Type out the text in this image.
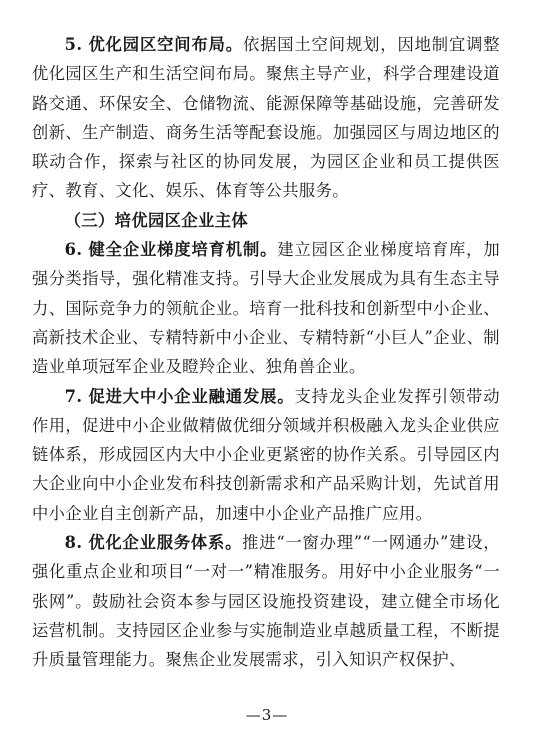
5. 优化园区空间布局。依据国土空间规划，因地制宜调整优化园区生产和生活空间布局。聚焦主导产业，科学合理建设道路交通、环保安全、仓储物流、能源保障等基础设施，完善研发创新、生产制造、商务生活等配套设施。加强园区与周边地区的联动合作，探索与社区的协同发展，为园区企业和员工提供医疗、教育、文化、娱乐、体育等公共服务。

（三）培优园区企业主体

6. 健全企业梯度培育机制。建立园区企业梯度培育库，加强分类指导，强化精准支持。引导大企业发展成为具有生态主导力、国际竞争力的领航企业。培育一批科技和创新型中小企业、高新技术企业、专精特新中小企业、专精特新“小巨人”企业、制造业单项冠军企业及瞪羚企业、独角兽企业。

7. 促进大中小企业融通发展。支持龙头企业发挥引领带动作用，促进中小企业做精做优细分领域并积极融入龙头企业供应链体系，形成园区内大中小企业更紧密的协作关系。引导园区内大企业向中小企业发布科技创新需求和产品采购计划，先试首用中小企业自主创新产品，加速中小企业产品推广应用。

8. 优化企业服务体系。推进“一窗办理”“一网通办”建设，强化重点企业和项目“一对一”精准服务。用好中小企业服务“一张网”。鼓励社会资本参与园区设施投资建设，建立健全市场化运营机制。支持园区企业参与实施制造业卓越质量工程，不断提升质量管理能力。聚焦企业发展需求，引入知识产权保护、

—3—
